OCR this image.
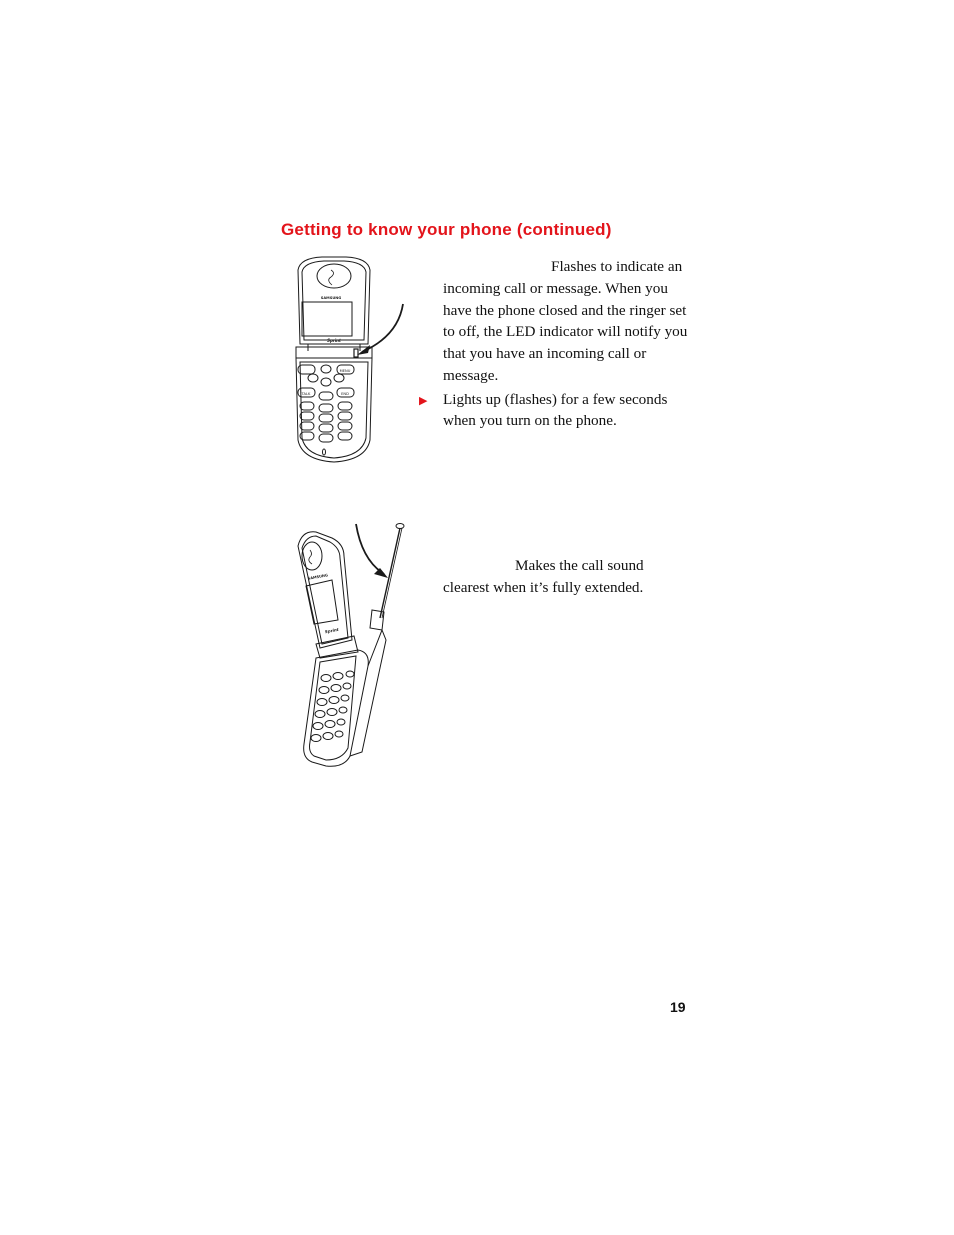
Getting to know your phone (continued)
SAMSUNG
Sprint
TALK
MENU
END

Flashes to indicate an incoming call or message. When you have the phone closed and the ringer set to off, the LED indicator will notify you that you have an incoming call or message.

▶ Lights up (flashes) for a few seconds when you turn on the phone.

SAMSUNG
Sprint

Makes the call sound
clearest when it’s fully extended.

19
